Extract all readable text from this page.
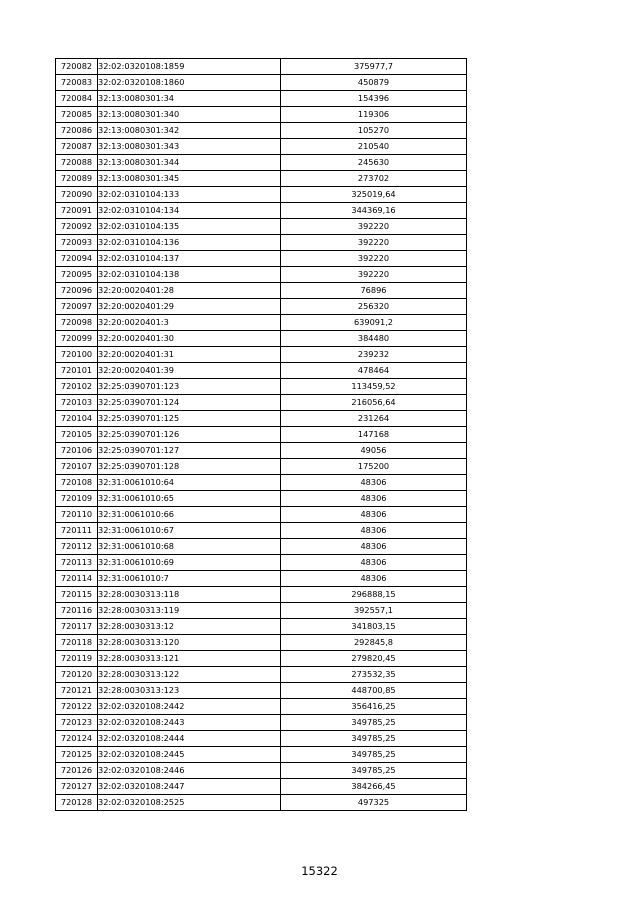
720082	32:02:0320108:1859	375977,7
720083	32:02:0320108:1860	450879
720084	32:13:0080301:34	154396
720085	32:13:0080301:340	119306
720086	32:13:0080301:342	105270
720087	32:13:0080301:343	210540
720088	32:13:0080301:344	245630
720089	32:13:0080301:345	273702
720090	32:02:0310104:133	325019,64
720091	32:02:0310104:134	344369,16
720092	32:02:0310104:135	392220
720093	32:02:0310104:136	392220
720094	32:02:0310104:137	392220
720095	32:02:0310104:138	392220
720096	32:20:0020401:28	76896
720097	32:20:0020401:29	256320
720098	32:20:0020401:3	639091,2
720099	32:20:0020401:30	384480
720100	32:20:0020401:31	239232
720101	32:20:0020401:39	478464
720102	32:25:0390701:123	113459,52
720103	32:25:0390701:124	216056,64
720104	32:25:0390701:125	231264
720105	32:25:0390701:126	147168
720106	32:25:0390701:127	49056
720107	32:25:0390701:128	175200
720108	32:31:0061010:64	48306
720109	32:31:0061010:65	48306
720110	32:31:0061010:66	48306
720111	32:31:0061010:67	48306
720112	32:31:0061010:68	48306
720113	32:31:0061010:69	48306
720114	32:31:0061010:7	48306
720115	32:28:0030313:118	296888,15
720116	32:28:0030313:119	392557,1
720117	32:28:0030313:12	341803,15
720118	32:28:0030313:120	292845,8
720119	32:28:0030313:121	279820,45
720120	32:28:0030313:122	273532,35
720121	32:28:0030313:123	448700,85
720122	32:02:0320108:2442	356416,25
720123	32:02:0320108:2443	349785,25
720124	32:02:0320108:2444	349785,25
720125	32:02:0320108:2445	349785,25
720126	32:02:0320108:2446	349785,25
720127	32:02:0320108:2447	384266,45
720128	32:02:0320108:2525	497325
15322
